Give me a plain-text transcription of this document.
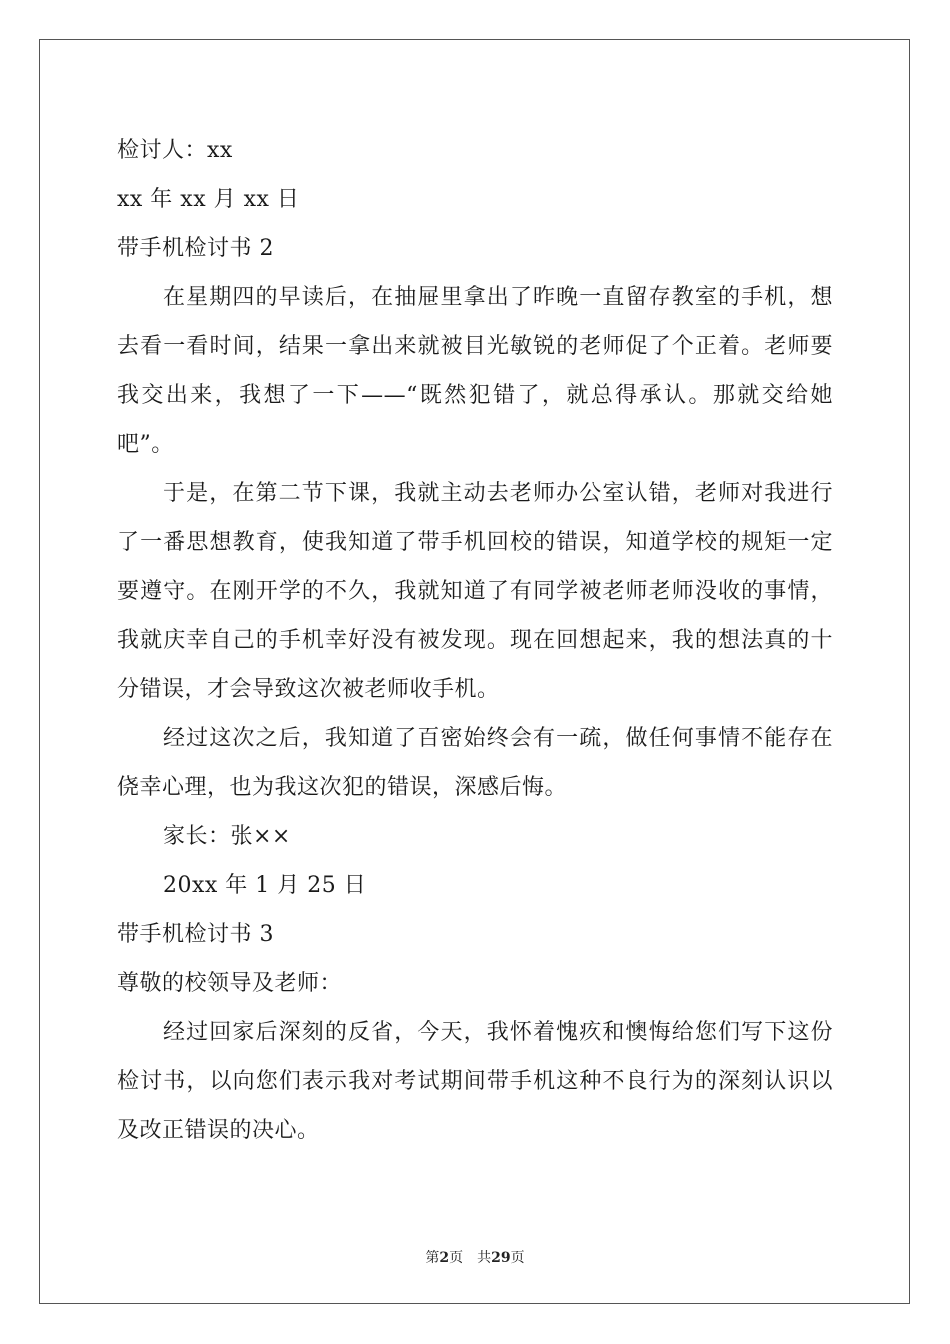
检讨人：xx

xx 年 xx 月 xx 日

带手机检讨书 2

在星期四的早读后，在抽屉里拿出了昨晚一直留存教室的手机，想去看一看时间，结果一拿出来就被目光敏锐的老师促了个正着。老师要我交出来，我想了一下——“既然犯错了，就总得承认。那就交给她吧”。

于是，在第二节下课，我就主动去老师办公室认错，老师对我进行了一番思想教育，使我知道了带手机回校的错误，知道学校的规矩一定要遵守。在刚开学的不久，我就知道了有同学被老师老师没收的事情，我就庆幸自己的手机幸好没有被发现。现在回想起来，我的想法真的十分错误，才会导致这次被老师收手机。

经过这次之后，我知道了百密始终会有一疏，做任何事情不能存在侥幸心理，也为我这次犯的错误，深感后悔。

家长：张××

20xx 年 1 月 25 日

带手机检讨书 3

尊敬的校领导及老师：

经过回家后深刻的反省，今天，我怀着愧疚和懊悔给您们写下这份检讨书，以向您们表示我对考试期间带手机这种不良行为的深刻认识以及改正错误的决心。

第2页 共29页
